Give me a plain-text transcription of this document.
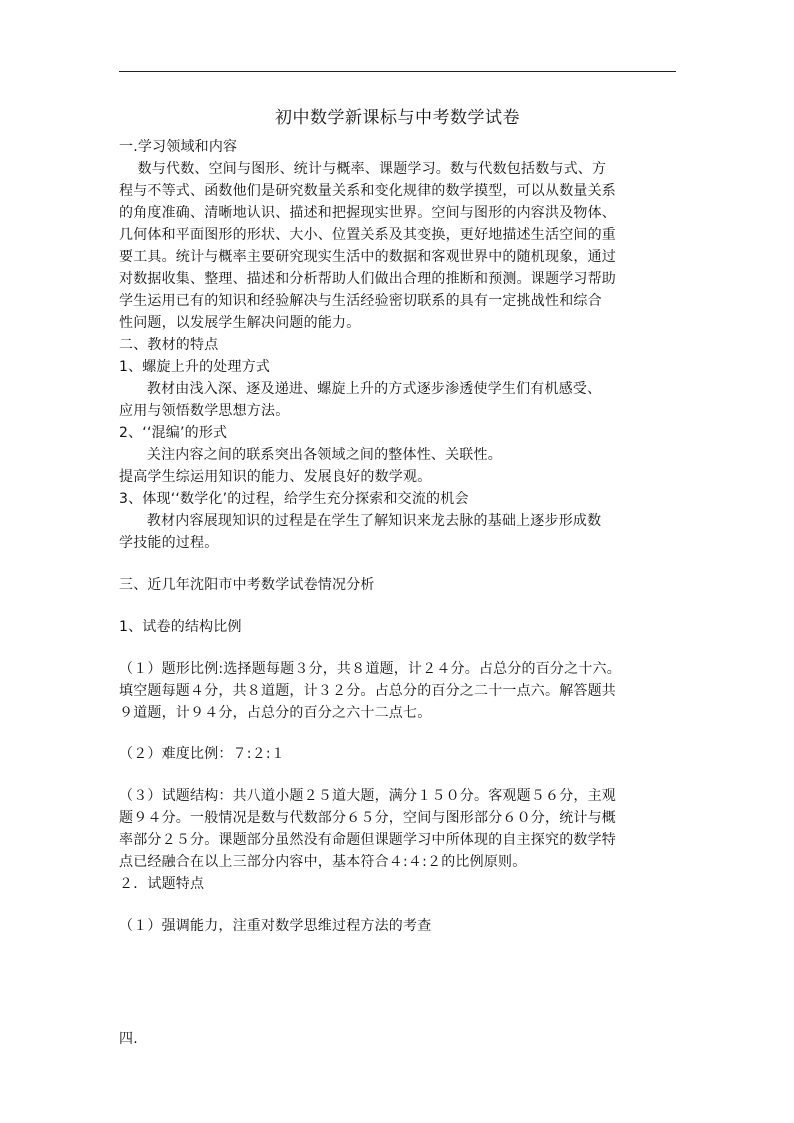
初中数学新课标与中考数学试卷
一.学习领域和内容
数与代数、空间与图形、统计与概率、课题学习。数与代数包括数与式、方
程与不等式、函数他们是研究数量关系和变化规律的数学摸型，可以从数量关系
的角度准确、清晰地认识、描述和把握现实世界。空间与图形的内容洪及物体、
几何体和平面图形的形状、大小、位置关系及其变换，更好地描述生活空间的重
要工具。统计与概率主要研究现实生活中的数据和客观世界中的随机现象，通过
对数据收集、整理、描述和分析帮助人们做出合理的推断和预测。课题学习帮助
学生运用已有的知识和经验解决与生活经验密切联系的具有一定挑战性和综合
性问题，以发展学生解决问题的能力。
二、教材的特点
1、螺旋上升的处理方式
教材由浅入深、逐及递进、螺旋上升的方式逐步渗透使学生们有机感受、
应用与领悟数学思想方法。
2、‘‘混编’的形式
关注内容之间的联系突出各领域之间的整体性、关联性。
提高学生综运用知识的能力、发展良好的数学观。
3、体现‘‘数学化’的过程，给学生充分探索和交流的机会
教材内容展现知识的过程是在学生了解知识来龙去脉的基础上逐步形成数
学技能的过程。
三、近几年沈阳市中考数学试卷情况分析
1、试卷的结构比例
（１）题形比例:选择题每题３分，共８道题，计２４分。占总分的百分之十六。
填空题每题４分，共８道题，计３２分。占总分的百分之二十一点六。解答题共
９道题，计９４分，占总分的百分之六十二点七。
（２）难度比例：７:２:１
（３）试题结构：共八道小题２５道大题，满分１５０分。客观题５６分，主观
题９４分。一般情况是数与代数部分６５分，空间与图形部分６０分，统计与概
率部分２５分。课题部分虽然没有命题但课题学习中所体现的自主探究的数学特
点已经融合在以上三部分内容中，基本符合４:４:２的比例原则。
２．试题特点
（１）强调能力，注重对数学思维过程方法的考查
四.
